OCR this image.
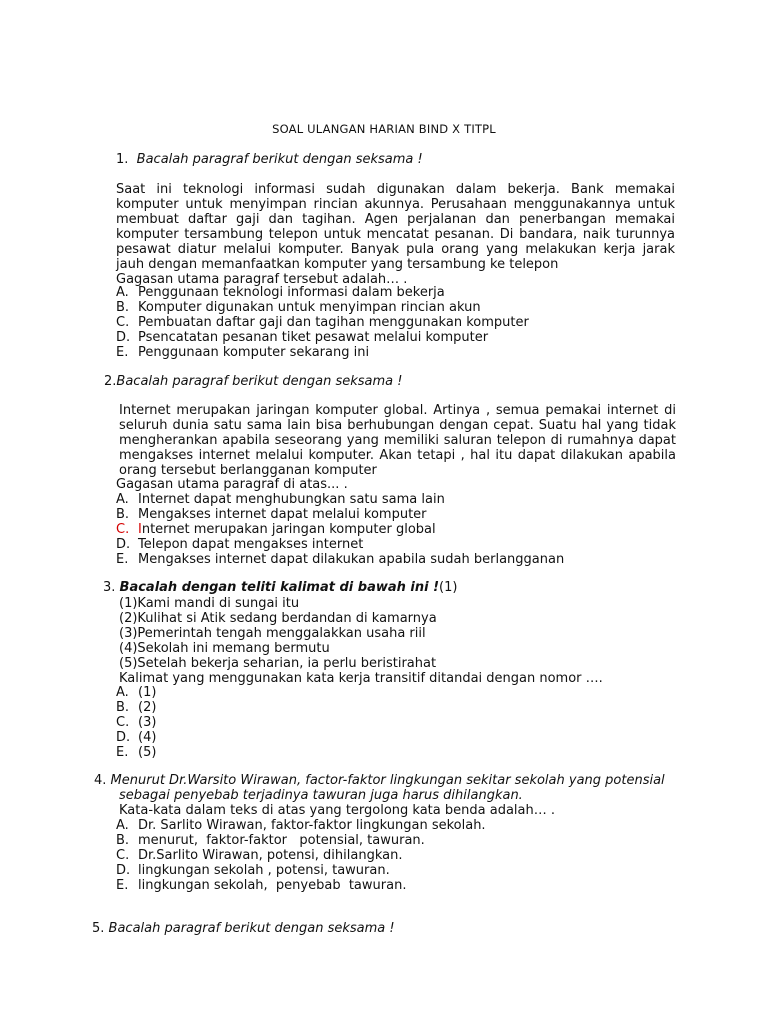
SOAL ULANGAN HARIAN BIND X TITPL
1. Bacalah paragraf berikut dengan seksama !
Saat ini teknologi informasi sudah digunakan dalam bekerja. Bank memakai
komputer untuk menyimpan rincian akunnya. Perusahaan menggunakannya untuk
membuat daftar gaji dan tagihan. Agen perjalanan dan penerbangan memakai
komputer tersambung telepon untuk mencatat pesanan. Di bandara, naik turunnya
pesawat diatur melalui komputer. Banyak pula orang yang melakukan kerja jarak
jauh dengan memanfaatkan komputer yang tersambung ke telepon
Gagasan utama paragraf tersebut adalah… .
A. Penggunaan teknologi informasi dalam bekerja
B. Komputer digunakan untuk menyimpan rincian akun
C. Pembuatan daftar gaji dan tagihan menggunakan komputer
D. Psencatatan pesanan tiket pesawat melalui komputer
E. Penggunaan komputer sekarang ini
2.Bacalah paragraf berikut dengan seksama !
Internet merupakan jaringan komputer global. Artinya , semua pemakai internet di
seluruh dunia satu sama lain bisa berhubungan dengan cepat. Suatu hal yang tidak
mengherankan apabila seseorang yang memiliki saluran telepon di rumahnya dapat
mengakses internet melalui komputer. Akan tetapi , hal itu dapat dilakukan apabila
orang tersebut berlangganan komputer
Gagasan utama paragraf di atas... .
A. Internet dapat menghubungkan satu sama lain
B. Mengakses internet dapat melalui komputer
C. Internet merupakan jaringan komputer global
D. Telepon dapat mengakses internet
E. Mengakses internet dapat dilakukan apabila sudah berlangganan
3. Bacalah dengan teliti kalimat di bawah ini !(1)
(1)Kami mandi di sungai itu
(2)Kulihat si Atik sedang berdandan di kamarnya
(3)Pemerintah tengah menggalakkan usaha riil
(4)Sekolah ini memang bermutu
(5)Setelah bekerja seharian, ia perlu beristirahat
Kalimat yang menggunakan kata kerja transitif ditandai dengan nomor ….
A. (1)
B. (2)
C. (3)
D. (4)
E. (5)
4. Menurut Dr.Warsito Wirawan, factor-faktor lingkungan sekitar sekolah yang potensial
sebagai penyebab terjadinya tawuran juga harus dihilangkan.
Kata-kata dalam teks di atas yang tergolong kata benda adalah… .
A. Dr. Sarlito Wirawan, faktor-faktor lingkungan sekolah.
B. menurut,  faktor-faktor   potensial, tawuran.
C. Dr.Sarlito Wirawan, potensi, dihilangkan.
D. lingkungan sekolah , potensi, tawuran.
E. lingkungan sekolah,  penyebab  tawuran.
5. Bacalah paragraf berikut dengan seksama !
